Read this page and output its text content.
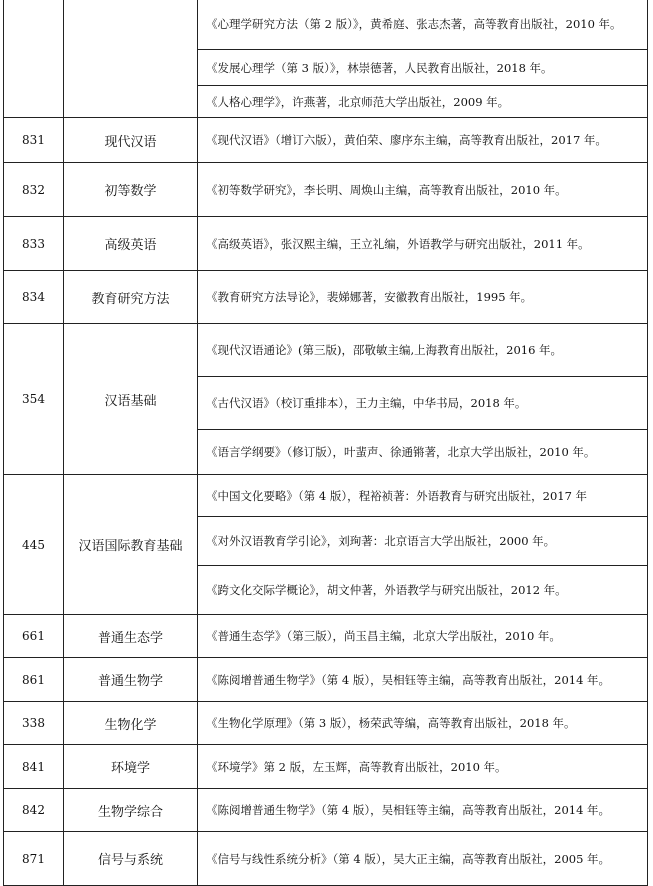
		《心理学研究方法（第 2 版）》，黄希庭、张志杰著，高等教育出版社，2010 年。
		《发展心理学（第 3 版）》，林崇德著，人民教育出版社，2018 年。
		《人格心理学》，许燕著，北京师范大学出版社，2009 年。
831	现代汉语	《现代汉语》（增订六版），黄伯荣、廖序东主编，高等教育出版社，2017 年。
832	初等数学	《初等数学研究》，李长明、周焕山主编，高等教育出版社，2010 年。
833	高级英语	《高级英语》，张汉熙主编，王立礼编，外语教学与研究出版社，2011 年。
834	教育研究方法	《教育研究方法导论》，裴娣娜著，安徽教育出版社，1995 年。
354	汉语基础	《现代汉语通论》(第三版)，邵敬敏主编,上海教育出版社，2016 年。
		《古代汉语》（校订重排本），王力主编，中华书局，2018 年。
		《语言学纲要》（修订版），叶蜚声、徐通锵著，北京大学出版社，2010 年。
445	汉语国际教育基础	《中国文化要略》（第 4 版），程裕祯著：外语教育与研究出版社，2017 年
		《对外汉语教育学引论》，刘珣著：北京语言大学出版社，2000 年。
		《跨文化交际学概论》，胡文仲著，外语教学与研究出版社，2012 年。
661	普通生态学	《普通生态学》（第三版），尚玉昌主编，北京大学出版社，2010 年。
861	普通生物学	《陈阅增普通生物学》（第 4 版），吴相钰等主编，高等教育出版社，2014 年。
338	生物化学	《生物化学原理》（第 3 版），杨荣武等编，高等教育出版社，2018 年。
841	环境学	《环境学》第 2 版，左玉辉，高等教育出版社，2010 年。
842	生物学综合	《陈阅增普通生物学》（第 4 版），吴相钰等主编，高等教育出版社，2014 年。
871	信号与系统	《信号与线性系统分析》（第 4 版），吴大正主编，高等教育出版社，2005 年。
